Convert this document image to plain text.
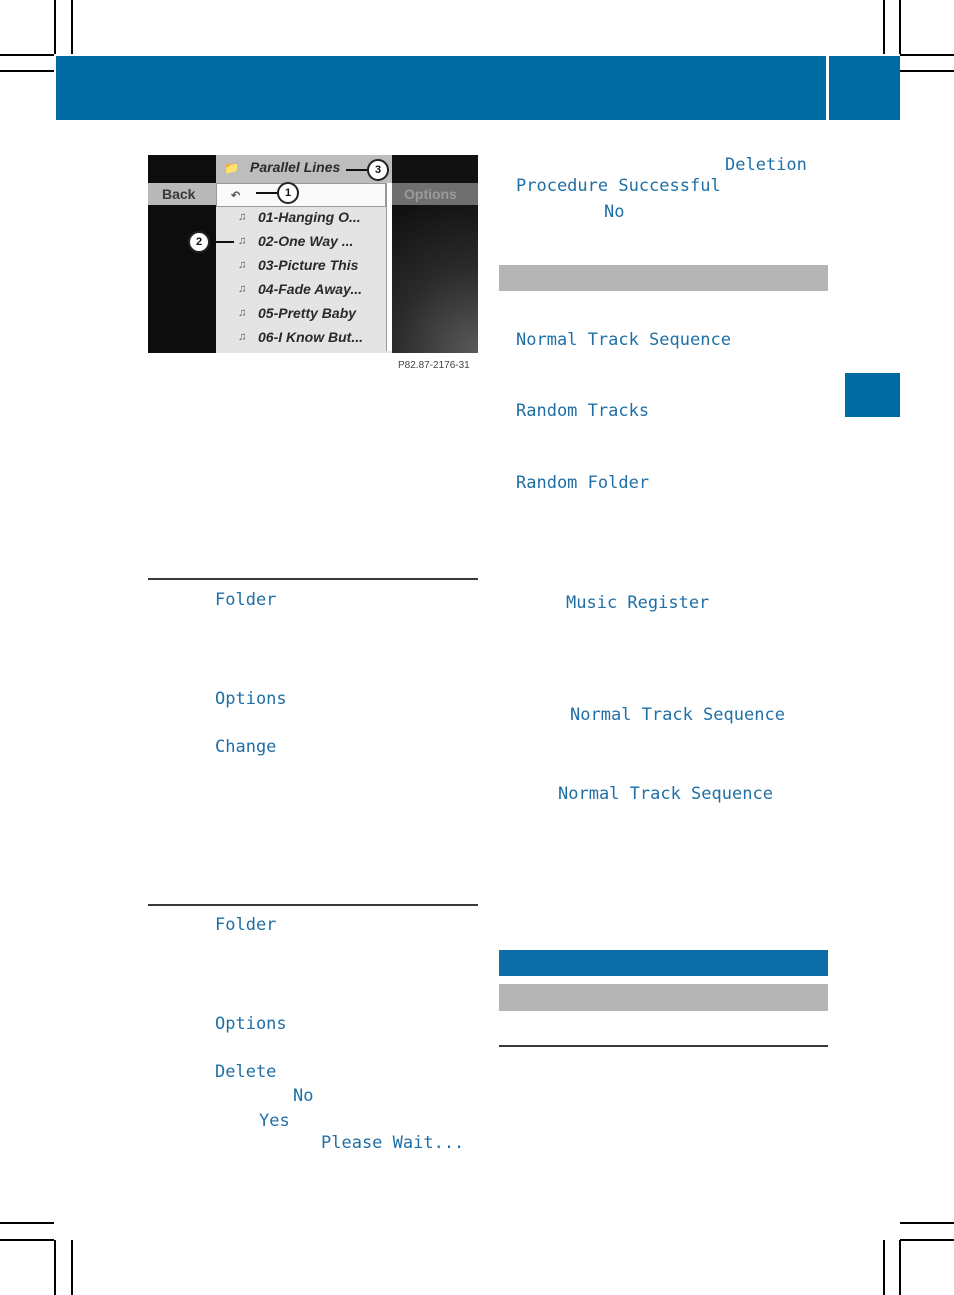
Back	Options
📁 Parallel Lines
↶
♫ 01-Hanging O...
♫ 02-One Way ...
♫ 03-Picture This
♫ 04-Fade Away...
♫ 05-Pretty Baby
♫ 06-I Know But...
1
2
3
P82.87-2176-31
Folder
Options
Change
Folder
Options
Delete
No
Yes
Please Wait...
Deletion
Procedure Successful
No
Normal Track Sequence
Random Tracks
Random Folder
Music Register
Normal Track Sequence
Normal Track Sequence
